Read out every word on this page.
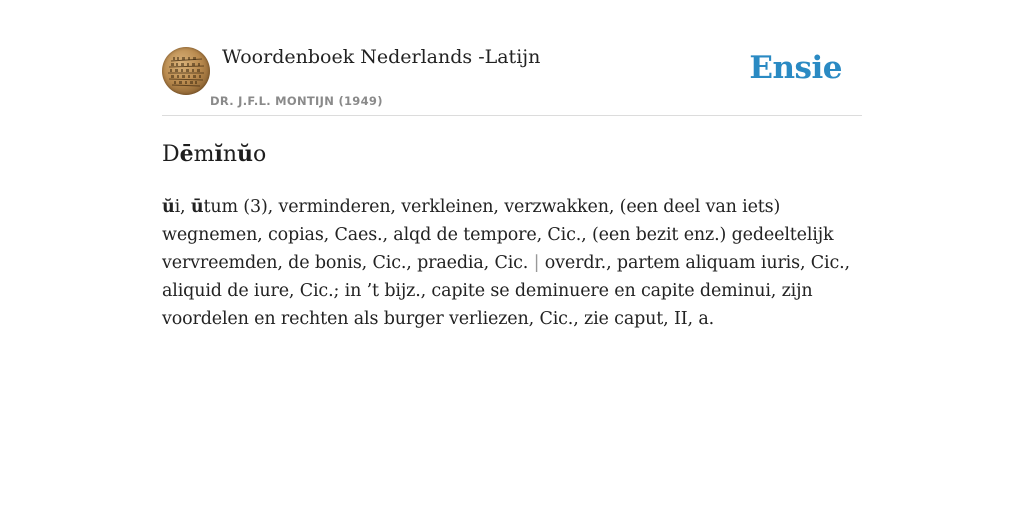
Woordenboek Nederlands -Latijn
DR. J.F.L. MONTIJN (1949)
Ensie
Dēmĭnŭo
ŭi, ūtum (3), verminderen, verkleinen, verzwakken, (een deel van iets) wegnemen, copias, Caes., alqd de tempore, Cic., (een bezit enz.) gedeeltelijk vervreemden, de bonis, Cic., praedia, Cic. | overdr., partem aliquam iuris, Cic., aliquid de iure, Cic.; in ’t bijz., capite se deminuere en capite deminui, zijn voordelen en rechten als burger verliezen, Cic., zie caput, II, a.
